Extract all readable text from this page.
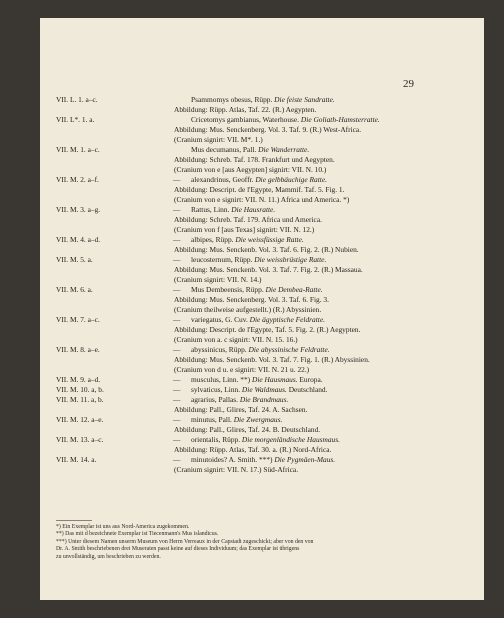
29
VII. L. 1. a–c.	Psammomys obesus, Rüpp. Die feiste Sandratte.
Abbildung: Rüpp. Atlas, Taf. 22. (R.) Aegypten.
VII. L*. 1. a.	Cricetomys gambianus, Waterhouse. Die Goliath-Hamsterratte.
Abbildung: Mus. Senckenberg. Vol. 3. Taf. 9. (R.) West-Africa.
(Cranium signirt: VII. M*. 1.)
VII. M. 1. a–c.	Mus decumanus, Pall. Die Wanderratte.
Abbildung: Schreb. Taf. 178. Frankfurt und Aegypten.
(Cranium von e [aus Aegypten] signirt: VII. N. 10.)
VII. M. 2. a–f.	— alexandrinus, Geoffr. Die gelbbäuchige Ratte.
Abbildung: Descript. de l'Egypte, Mammif. Taf. 5. Fig. 1.
(Cranium von e signirt: VII. N. 11.) Africa und America. *)
VII. M. 3. a–g.	— Rattus, Linn. Die Hausratte.
Abbildung: Schreb. Taf. 179. Africa und America.
(Cranium von f [aus Texas] signirt: VII. N. 12.)
VII. M. 4. a–d.	— albipes, Rüpp. Die weissfüssige Ratte.
Abbildung: Mus. Senckenb. Vol. 3. Taf. 6. Fig. 2. (R.) Nubien.
VII. M. 5. a.	— leucosternum, Rüpp. Die weissbrüstige Ratte.
Abbildung: Mus. Senckenb. Vol. 3. Taf. 7. Fig. 2. (R.) Massaua.
(Cranium signirt: VII. N. 14.)
VII. M. 6. a.	— Mus Dembeensis, Rüpp. Die Dembea-Ratte.
Abbildung: Mus. Senckenberg. Vol. 3. Taf. 6. Fig. 3.
(Cranium theilweise aufgestellt.) (R.) Abyssinien.
VII. M. 7. a–c.	— variegatus, G. Cuv. Die ägyptische Feldratte.
Abbildung: Descript. de l'Egypte, Taf. 5. Fig. 2. (R.) Aegypten.
(Cranium von a. c signirt: VII. N. 15. 16.)
VII. M. 8. a–e.	— abyssinicus, Rüpp. Die abyssinische Feldratte.
Abbildung: Mus. Senckenb. Vol. 3. Taf. 7. Fig. 1. (R.) Abyssinien.
(Cranium von d u. e signirt: VII. N. 21 u. 22.)
VII. M. 9. a–d.	— musculus, Linn. **) Die Hausmaus. Europa.
VII. M. 10. a, b.	— sylvaticus, Linn. Die Waldmaus. Deutschland.
VII. M. 11. a, b.	— agrarius, Pallas. Die Brandmaus.
Abbildung: Pall., Glires, Taf. 24. A. Sachsen.
VII. M. 12. a–e.	— minutus, Pall. Die Zwergmaus.
Abbildung: Pall., Glires, Taf. 24. B. Deutschland.
VII. M. 13. a–c.	— orientalis, Rüpp. Die morgenländische Hausmaus.
Abbildung: Rüpp. Atlas, Taf. 30. a. (R.) Nord-Africa.
VII. M. 14. a.	— minutoides? A. Smith. ***) Die Pygmäen-Maus.
(Cranium signirt: VII. N. 17.) Süd-Africa.
*) Ein Exemplar ist uns aus Nord-America zugekommen.
**) Das mit d bezeichnete Exemplar ist Tiecenmann's Mus islandicus.
***) Unter diesem Namen unserm Museum von Herrn Verreaux in der Capstadt zugeschickt; aber von den von
Dr. A. Smith beschriebenen drei Museraten passt keine auf dieses Individuum; das Exemplar ist übrigens
zu unvollständig, um beschrieben zu werden.
